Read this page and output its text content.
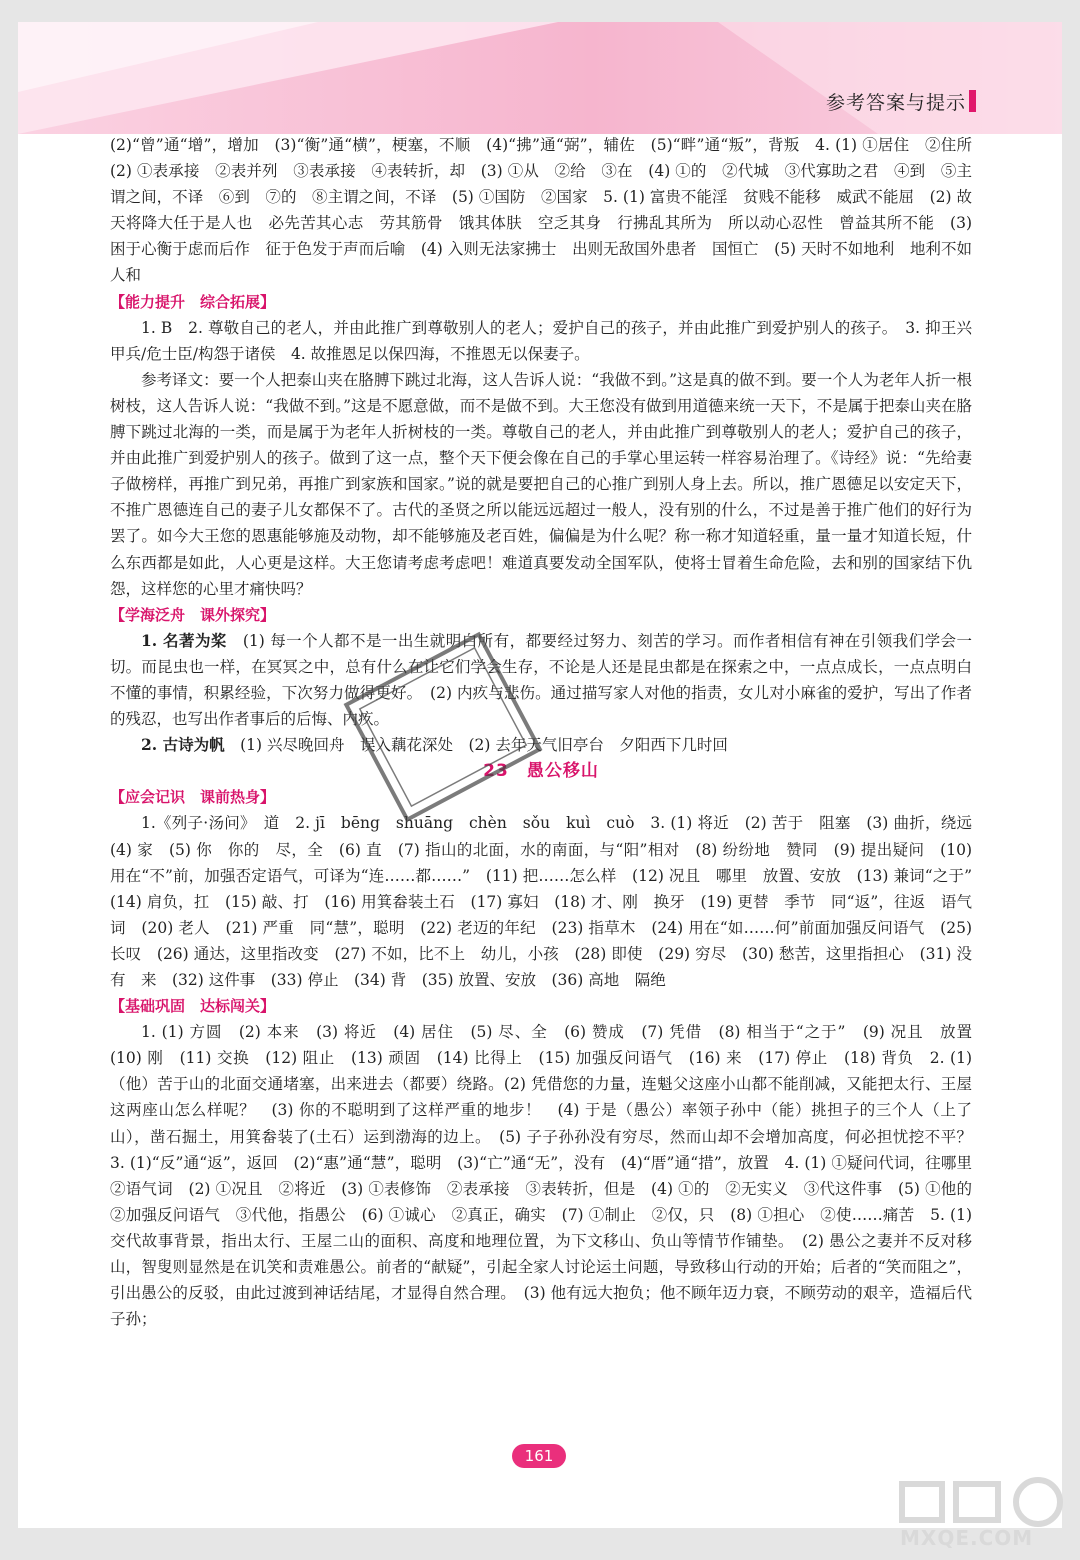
参考答案与提示

(2)“曾”通“增”，增加　(3)“衡”通“横”，梗塞，不顺　(4)“拂”通“弼”，辅佐　(5)“畔”通“叛”，背叛　4. (1) ①居住　②住所　(2) ①表承接　②表并列　③表承接　④表转折，却　(3) ①从　②给　③在　(4) ①的　②代城　③代寡助之君　④到　⑤主谓之间，不译　⑥到　⑦的　⑧主谓之间，不译　(5) ①国防　②国家　5. (1) 富贵不能淫　贫贱不能移　威武不能屈　(2) 故天将降大任于是人也　必先苦其心志　劳其筋骨　饿其体肤　空乏其身　行拂乱其所为　所以动心忍性　曾益其所不能　(3) 困于心衡于虑而后作　征于色发于声而后喻　(4) 入则无法家拂士　出则无敌国外患者　国恒亡　(5) 天时不如地利　地利不如人和

【能力提升　综合拓展】

1. B　2. 尊敬自己的老人，并由此推广到尊敬别人的老人；爱护自己的孩子，并由此推广到爱护别人的孩子。　3. 抑王兴甲兵/危士臣/构怨于诸侯　4. 故推恩足以保四海，不推恩无以保妻子。

参考译文：要一个人把泰山夹在胳膊下跳过北海，这人告诉人说：“我做不到。”这是真的做不到。要一个人为老年人折一根树枝，这人告诉人说：“我做不到。”这是不愿意做，而不是做不到。大王您没有做到用道德来统一天下，不是属于把泰山夹在胳膊下跳过北海的一类，而是属于为老年人折树枝的一类。尊敬自己的老人，并由此推广到尊敬别人的老人；爱护自己的孩子，并由此推广到爱护别人的孩子。做到了这一点，整个天下便会像在自己的手掌心里运转一样容易治理了。《诗经》说：“先给妻子做榜样，再推广到兄弟，再推广到家族和国家。”说的就是要把自己的心推广到别人身上去。所以，推广恩德足以安定天下，不推广恩德连自己的妻子儿女都保不了。古代的圣贤之所以能远远超过一般人，没有别的什么，不过是善于推广他们的好行为罢了。如今大王您的恩惠能够施及动物，却不能够施及老百姓，偏偏是为什么呢？称一称才知道轻重，量一量才知道长短，什么东西都是如此，人心更是这样。大王您请考虑考虑吧！难道真要发动全国军队，使将士冒着生命危险，去和别的国家结下仇怨，这样您的心里才痛快吗？

【学海泛舟　课外探究】

1. 名著为桨　(1) 每一个人都不是一出生就明白所有，都要经过努力、刻苦的学习。而作者相信有神在引领我们学会一切。而昆虫也一样，在冥冥之中，总有什么在让它们学会生存，不论是人还是昆虫都是在探索之中，一点点成长，一点点明白不懂的事情，积累经验，下次努力做得更好。　(2) 内疚与悲伤。通过描写家人对他的指责，女儿对小麻雀的爱护，写出了作者的残忍，也写出作者事后的后悔、内疚。

2. 古诗为帆　(1) 兴尽晚回舟　误入藕花深处　(2) 去年天气旧亭台　夕阳西下几时回

23　愚公移山

【应会记识　课前热身】

1.《列子·汤问》　道　2. jī　bēng　shuāng　chèn　sǒu　kuì　cuò　3. (1) 将近　(2) 苦于　阻塞　(3) 曲折，绕远　(4) 家　(5) 你　你的　尽，全　(6) 直　(7) 指山的北面，水的南面，与“阳”相对　(8) 纷纷地　赞同　(9) 提出疑问　(10) 用在“不”前，加强否定语气，可译为“连……都……”　(11) 把……怎么样　(12) 况且　哪里　放置、安放　(13) 兼词“之于”　(14) 肩负，扛　(15) 敲、打　(16) 用箕畚装土石　(17) 寡妇　(18) 才、刚　换牙　(19) 更替　季节　同“返”，往返　语气词　(20) 老人　(21) 严重　同“慧”，聪明　(22) 老迈的年纪　(23) 指草木　(24) 用在“如……何”前面加强反问语气　(25) 长叹　(26) 通达，这里指改变　(27) 不如，比不上　幼儿，小孩　(28) 即使　(29) 穷尽　(30) 愁苦，这里指担心　(31) 没有　来　(32) 这件事　(33) 停止　(34) 背　(35) 放置、安放　(36) 高地　隔绝

【基础巩固　达标闯关】

1. (1) 方圆　(2) 本来　(3) 将近　(4) 居住　(5) 尽、全　(6) 赞成　(7) 凭借　(8) 相当于“之于”　(9) 况且　放置　(10) 刚　(11) 交换　(12) 阻止　(13) 顽固　(14) 比得上　(15) 加强反问语气　(16) 来　(17) 停止　(18) 背负　2. (1)（他）苦于山的北面交通堵塞，出来进去（都要）绕路。(2) 凭借您的力量，连魁父这座小山都不能削减，又能把太行、王屋这两座山怎么样呢？　(3) 你的不聪明到了这样严重的地步！　(4) 于是（愚公）率领子孙中（能）挑担子的三个人（上了山），凿石掘土，用箕畚装了(土石）运到渤海的边上。　(5) 子子孙孙没有穷尽，然而山却不会增加高度，何必担忧挖不平？　3. (1)“反”通“返”，返回　(2)“惠”通“慧”，聪明　(3)“亡”通“无”，没有　(4)“厝”通“措”，放置　4. (1) ①疑问代词，往哪里　②语气词　(2) ①况且　②将近　(3) ①表修饰　②表承接　③表转折，但是　(4) ①的　②无实义　③代这件事　(5) ①他的　②加强反问语气　③代他，指愚公　(6) ①诚心　②真正，确实　(7) ①制止　②仅，只　(8) ①担心　②使……痛苦　5. (1) 交代故事背景，指出太行、王屋二山的面积、高度和地理位置，为下文移山、负山等情节作铺垫。　(2) 愚公之妻并不反对移山，智叟则显然是在讥笑和责难愚公。前者的“献疑”，引起全家人讨论运土问题，导致移山行动的开始；后者的“笑而阻之”，引出愚公的反驳，由此过渡到神话结尾，才显得自然合理。　(3) 他有远大抱负；他不顾年迈力衰，不顾劳动的艰辛，造福后代子孙；

161
MXQE.COM
